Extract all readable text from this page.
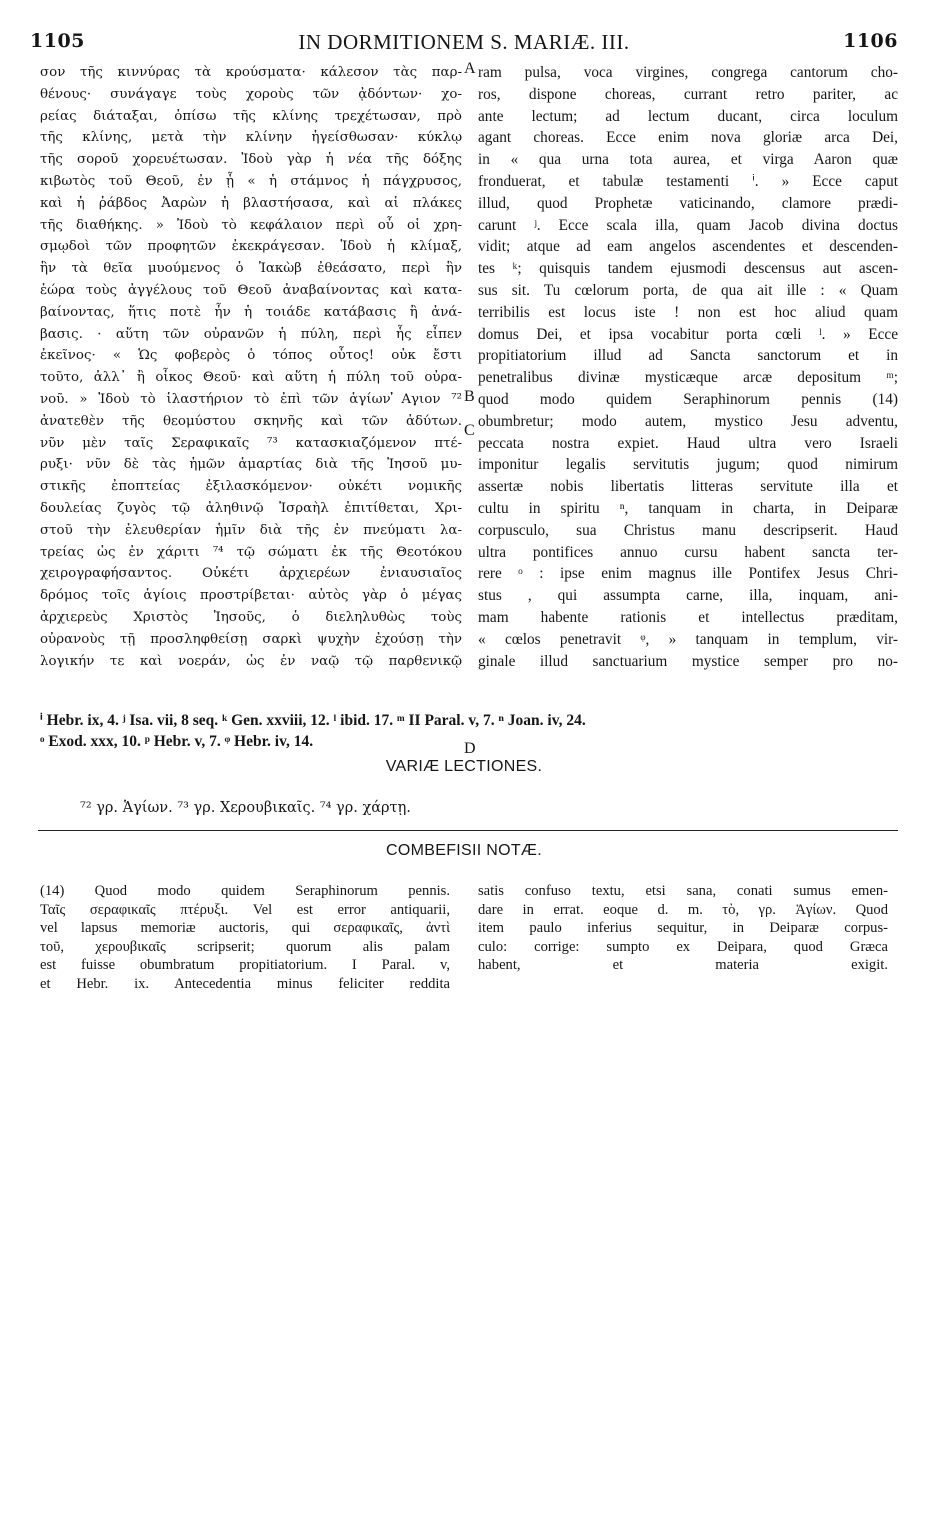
1105	IN DORMITIONEM S. MARIÆ. III.	1106
σον τῆς κιννύρας τὰ κρούσματα· κάλεσον τὰς παρ-
θένους· συνάγαγε τοὺς χοροὺς τῶν ᾀδόντων· χο-
ρείας διάταξαι, ὀπίσω τῆς κλίνης τρεχέτωσαν, πρὸ
τῆς κλίνης, μετὰ τὴν κλίνην ἡγείσθωσαν· κύκλῳ
τῆς σοροῦ χορευέτωσαν. Ἰδοὺ γὰρ ἡ νέα τῆς δόξης
κιβωτὸς τοῦ Θεοῦ, ἐν ᾗ « ἡ στάμνος ἡ πάγχρυσος,
καὶ ἡ ῥάβδος Ἀαρὼν ἡ βλαστήσασα, καὶ αἱ πλάκες
τῆς διαθήκης. » Ἰδοὺ τὸ κεφάλαιον περὶ οὗ οἱ χρη-
σμῳδοὶ τῶν προφητῶν ἐκεκράγεσαν. Ἰδοὺ ἡ κλίμαξ,
ἣν τὰ θεῖα μυούμενος ὁ Ἰακὼβ ἐθεάσατο, περὶ ἣν
ἑώρα τοὺς ἀγγέλους τοῦ Θεοῦ ἀναβαίνοντας καὶ κατα-
βαίνοντας, ἥτις ποτὲ ἦν ἡ τοιάδε κατάβασις ἢ ἀνά-
βασις. · αὕτη τῶν οὐρανῶν ἡ πύλη, περὶ ἧς εἶπεν
ἐκεῖνος· « Ὡς φοβερὸς ὁ τόπος οὗτος! οὐκ ἔστι
τοῦτο, ἀλλ᾽ ἢ οἶκος Θεοῦ· καὶ αὕτη ἡ πύλη τοῦ οὐρα-
νοῦ. » Ἰδοὺ τὸ ἱλαστήριον τὸ ἐπὶ τῶν ἁγίων ̓̓Αγιον ⁷²
ἀνατεθὲν τῆς θεομύστου σκηνῆς καὶ τῶν ἀδύτων.
νῦν μὲν ταῖς Σεραφικαῖς ⁷³ κατασκιαζόμενον πτέ-
ρυξι· νῦν δὲ τὰς ἡμῶν ἁμαρτίας διὰ τῆς Ἰησοῦ μυ-
στικῆς ἐποπτείας ἐξιλασκόμενον· οὐκέτι νομικῆς
δουλείας ζυγὸς τῷ ἀληθινῷ Ἰσραὴλ ἐπιτίθεται, Χρι-
στοῦ τὴν ἐλευθερίαν ἡμῖν διὰ τῆς ἐν πνεύματι λα-
τρείας ὡς ἐν χάριτι ⁷⁴ τῷ σώματι ἐκ τῆς Θεοτόκου
χειρογραφήσαντος. Οὐκέτι ἀρχιερέων ἐνιαυσιαῖος
δρόμος τοῖς ἁγίοις προστρίβεται· αὐτὸς γὰρ ὁ μέγας
ἀρχιερεὺς Χριστὸς Ἰησοῦς, ὁ διεληλυθὼς τοὺς
οὐρανοὺς τῇ προσληφθείσῃ σαρκὶ ψυχὴν ἐχούσῃ τὴν
λογικήν τε καὶ νοεράν, ὡς ἐν ναῷ τῷ παρθενικῷ
ram pulsa, voca virgines, congrega cantorum cho-
ros, dispone choreas, currant retro pariter, ac
ante lectum; ad lectum ducant, circa loculum
agant choreas. Ecce enim nova gloriæ arca Dei,
in « qua urna tota aurea, et virga Aaron quæ
fronduerat, et tabulæ testamenti ⁱ. » Ecce caput
illud, quod Prophetæ vaticinando, clamore prædi-
carunt ʲ. Ecce scala illa, quam Jacob divina doctus
vidit; atque ad eam angelos ascendentes et descenden-
tes ᵏ; quisquis tandem ejusmodi descensus aut ascen-
sus sit. Tu cœlorum porta, de qua ait ille : « Quam
terribilis est locus iste ! non est hoc aliud quam
domus Dei, et ipsa vocabitur porta cœli ˡ. » Ecce
propitiatorium illud ad Sancta sanctorum et in
penetralibus divinæ mysticæque arcæ depositum ᵐ;
quod modo quidem Seraphinorum pennis (14)
obumbretur; modo autem, mystico Jesu adventu,
peccata nostra expiet. Haud ultra vero Israeli
imponitur legalis servitutis jugum; quod nimirum
assertæ nobis libertatis litteras servitute illa et
cultu in spiritu ⁿ, tanquam in charta, in Deiparæ
corpusculo, sua Christus manu descripserit. Haud
ultra pontifices annuo cursu habent sancta ter-
rere ᵒ : ipse enim magnus ille Pontifex Jesus Chri-
stus , qui assumpta carne, illa, inquam, ani-
mam habente rationis et intellectus præditam,
« cœlos penetravit ᵠ, » tanquam in templum, vir-
ginale illud sanctuarium mystice semper pro no-
A
B
ⁱ Hebr. ix, 4. ʲ Isa. vii, 8 seq. ᵏ Gen. xxviii, 12. ˡ ibid. 17. ᵐ II Paral. v, 7. ⁿ Joan. iv, 24.
ᵒ Exod. xxx, 10. ᵖ Hebr. v, 7. ᵠ Hebr. iv, 14.
VARIÆ LECTIONES.
⁷² γρ. Ἁγίων. ⁷³ γρ. Χερουβικαῖς. ⁷⁴ γρ. χάρτῃ.
COMBEFISII NOTÆ.
(14) Quod modo quidem Seraphinorum pennis.
Ταῖς σεραφικαῖς πτέρυξι. Vel est error antiquarii,
vel lapsus memoriæ auctoris, qui σεραφικαῖς, ἀντὶ
τοῦ, χερουβικαῖς scripserit; quorum alis palam
est fuisse obumbratum propitiatorium. I Paral. v,
et Hebr. ix. Antecedentia minus feliciter reddita
satis confuso textu, etsi sana, conati sumus emen-
dare in errat. eoque d. m. τὸ, γρ. Ἁγίων. Quod
item paulo inferius sequitur, in Deiparæ corpus-
culo: corrige: sumpto ex Deipara, quod Græca
habent, et materia exigit.
C
D
